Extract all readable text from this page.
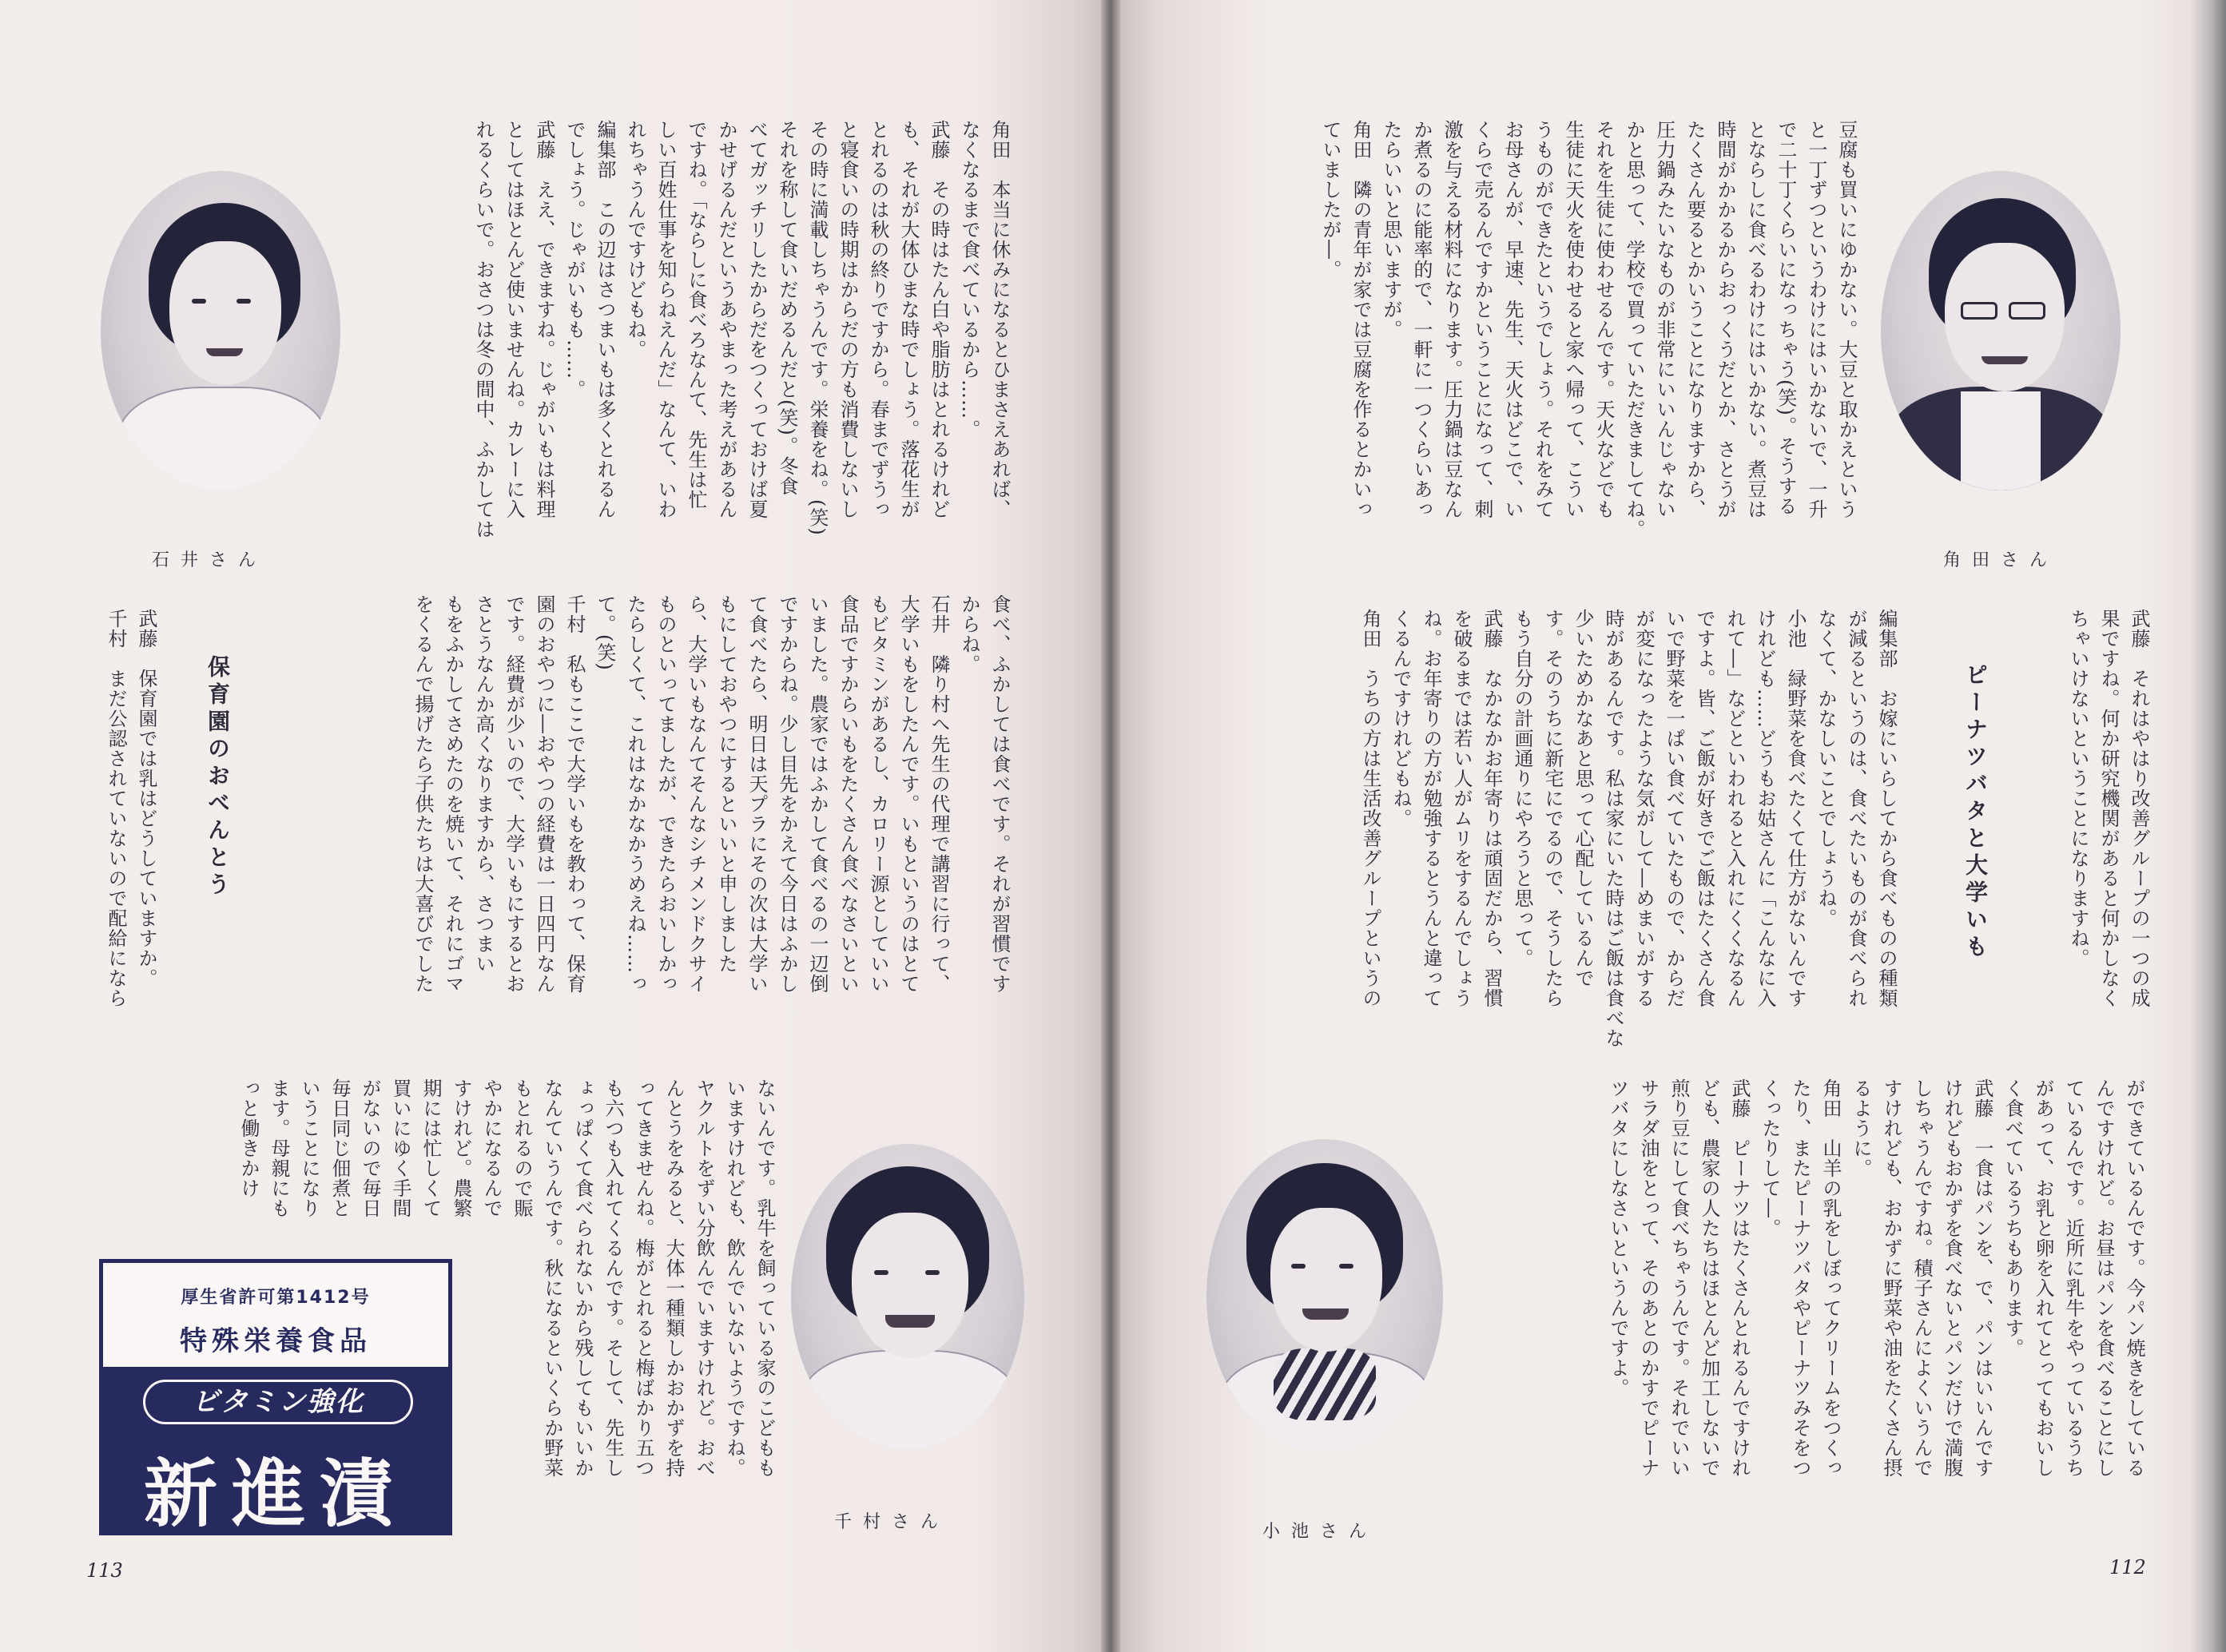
角田　本当に休みになるとひまさえあれば、
なくなるまで食べているから……。
武藤　その時はたん白や脂肪はとれるけれど
も、それが大体ひまな時でしょう。落花生が
とれるのは秋の終りですから。春までずうっ
と寝食いの時期はからだの方も消費しないし
その時に満載しちゃうんです。栄養をね。(笑)
それを称して食いだめるんだと(笑)。冬食
べてガッチリしたからだをつくっておけば夏
かせげるんだというあやまった考えがあるん
ですね。「ならしに食べろなんて、先生は忙
しい百姓仕事を知らねえんだ」なんて、いわ
れちゃうんですけどもね。
編集部　この辺はさつまいもは多くとれるん
でしょう。じゃがいもも……。
武藤　ええ、できますね。じゃがいもは料理
としてはほとんど使いませんね。カレーに入
れるくらいで。おさつは冬の間中、ふかしては
石井さん
食べ、ふかしては食べです。それが習慣です
からね。
石井　隣り村へ先生の代理で講習に行って、
大学いもをしたんです。いもというのはとて
もビタミンがあるし、カロリー源としていい
食品ですからいもをたくさん食べなさいとい
いました。農家ではふかして食べるの一辺倒
ですからね。少し目先をかえて今日はふかし
て食べたら、明日は天プラにその次は大学い
もにしておやつにするといいと申しました
ら、大学いもなんてそんなシチメンドクサイ
ものといってましたが、できたらおいしかっ
たらしくて、これはなかなかうめえね……っ
て。(笑)
千村　私もここで大学いもを教わって、保育
園のおやつに―おやつの経費は一日四円なん
です。経費が少いので、大学いもにするとお
さとうなんか高くなりますから、さつまい
もをふかしてさめたのを焼いて、それにゴマ
をくるんで揚げたら子供たちは大喜びでした
保育園のおべんとう
武藤　保育園では乳はどうしていますか。
千村　まだ公認されていないので配給になら
ないんです。乳牛を飼っている家のこどもも
いますけれども、飲んでいないようですね。
ヤクルトをずい分飲んでいますけれど。おべ
んとうをみると、大体一種類しかおかずを持
ってきませんね。梅がとれると梅ばかり五つ
も六つも入れてくるんです。そして、先生し
ょっぱくて食べられないから残してもいいか
なんていうんです。秋になるといくらか野菜
もとれるので賑
やかになるんで
すけれど。農繁
期には忙しくて
買いにゆく手間
がないので毎日
毎日同じ佃煮と
いうことになり
ます。母親にも
っと働きかけ
千村さん
厚生省許可第1412号
特殊栄養食品
ビタミン強化
新進漬
113
豆腐も買いにゆかない。大豆と取かえという
と一丁ずつというわけにはいかないで、一升
で二十丁くらいになっちゃう(笑)。そうする
とならしに食べるわけにはいかない。煮豆は
時間がかかるからおっくうだとか、さとうが
たくさん要るとかいうことになりますから、
圧力鍋みたいなものが非常にいいんじゃない
かと思って、学校で買っていただきましてね。
それを生徒に使わせるんです。天火などでも
生徒に天火を使わせると家へ帰って、こうい
うものができたというでしょう。それをみて
お母さんが、早速、先生、天火はどこで、い
くらで売るんですかということになって、刺
激を与える材料になります。圧力鍋は豆なん
か煮るのに能率的で、一軒に一つくらいあっ
たらいいと思いますが。
角田　隣の青年が家では豆腐を作るとかいっ
ていましたが―。
角田さん
武藤　それはやはり改善グループの一つの成
果ですね。何か研究機関があると何かしなく
ちゃいけないということになりますね。
ピーナツバタと大学いも
編集部　お嫁にいらしてから食べものの種類
が減るというのは、食べたいものが食べられ
なくて、かなしいことでしょうね。
小池　緑野菜を食べたくて仕方がないんです
けれども……どうもお姑さんに「こんなに入
れて―」などといわれると入れにくくなるん
ですよ。皆、ご飯が好きでご飯はたくさん食
いで野菜を一ぱい食べていたもので、からだ
が変になったような気がして―めまいがする
時があるんです。私は家にいた時はご飯は食べな
少いためかなあと思って心配しているんで
す。そのうちに新宅にでるので、そうしたら
もう自分の計画通りにやろうと思って。
武藤　なかなかお年寄りは頑固だから、習慣
を破るまでは若い人がムリをするんでしょう
ね。お年寄りの方が勉強するとうんと違って
くるんですけれどもね。
角田　うちの方は生活改善グループというの
ができているんです。今パン焼きをしている
んですけれど。お昼はパンを食べることにし
ているんです。近所に乳牛をやっているうち
があって、お乳と卵を入れてとってもおいし
く食べているうちもあります。
武藤　一食はパンを、で、パンはいいんです
けれどもおかずを食べないとパンだけで満腹
しちゃうんですね。積子さんによくいうんで
すけれども、おかずに野菜や油をたくさん摂
るように。
角田　山羊の乳をしぼってクリームをつくっ
たり、またピーナツバタやピーナツみそをつ
くったりして―。
武藤　ピーナツはたくさんとれるんですけれ
ども、農家の人たちはほとんど加工しないで
煎り豆にして食べちゃうんです。それでいい
サラダ油をとって、そのあとのかすでピーナ
ツバタにしなさいというんですよ。
小池さん
112
